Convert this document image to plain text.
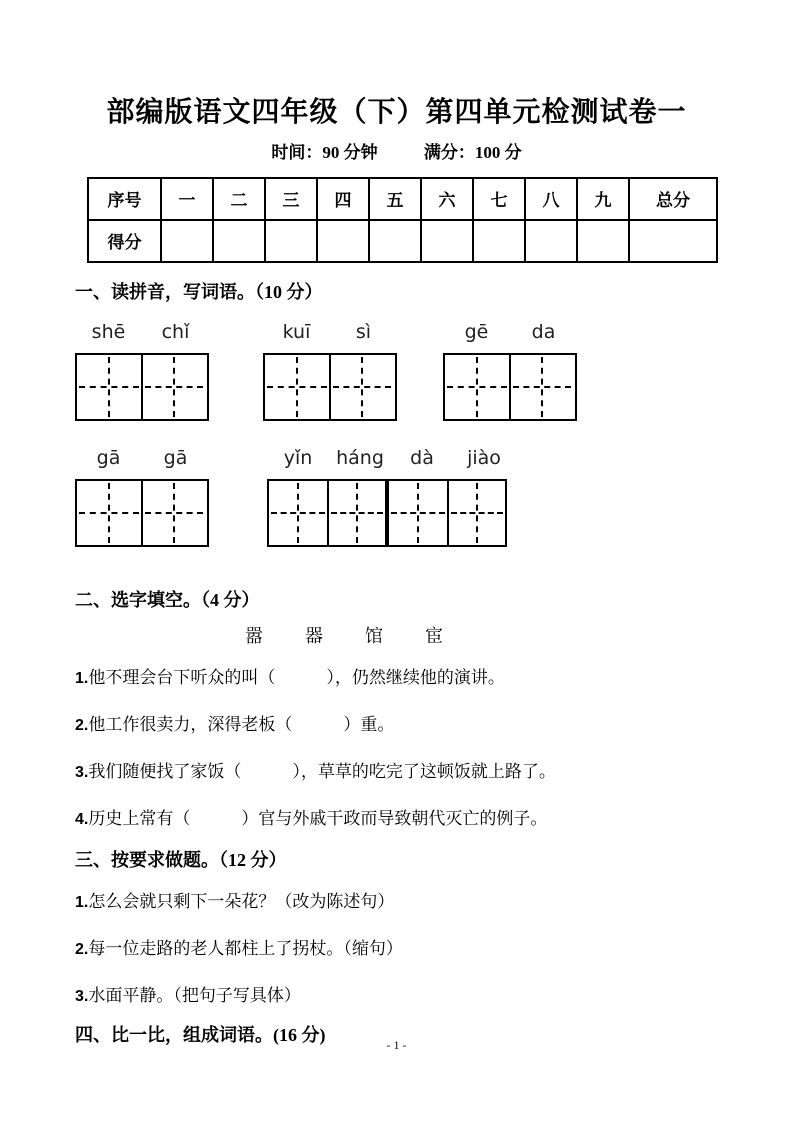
部编版语文四年级（下）第四单元检测试卷一
时间：90 分钟	满分：100 分
序号	一	二	三	四	五	六	七	八	九	总分
得分										
一、读拼音，写词语。（10 分）
shē	chǐ	kuī	sì	gē	da
gā	gā	yǐn	háng	dà	jiào
二、选字填空。（4 分）
嚣 器 馆 宦

1.他不理会台下听众的叫（　　　），仍然继续他的演讲。

2.他工作很卖力，深得老板（　　　）重。

3.我们随便找了家饭（　　　），草草的吃完了这顿饭就上路了。

4.历史上常有（　　　）官与外戚干政而导致朝代灭亡的例子。

三、按要求做题。（12 分）

1.怎么会就只剩下一朵花？（改为陈述句）

2.每一位走路的老人都柱上了拐杖。（缩句）

3.水面平静。（把句子写具体）

四、比一比，组成词语。(16 分)
- 1 -
